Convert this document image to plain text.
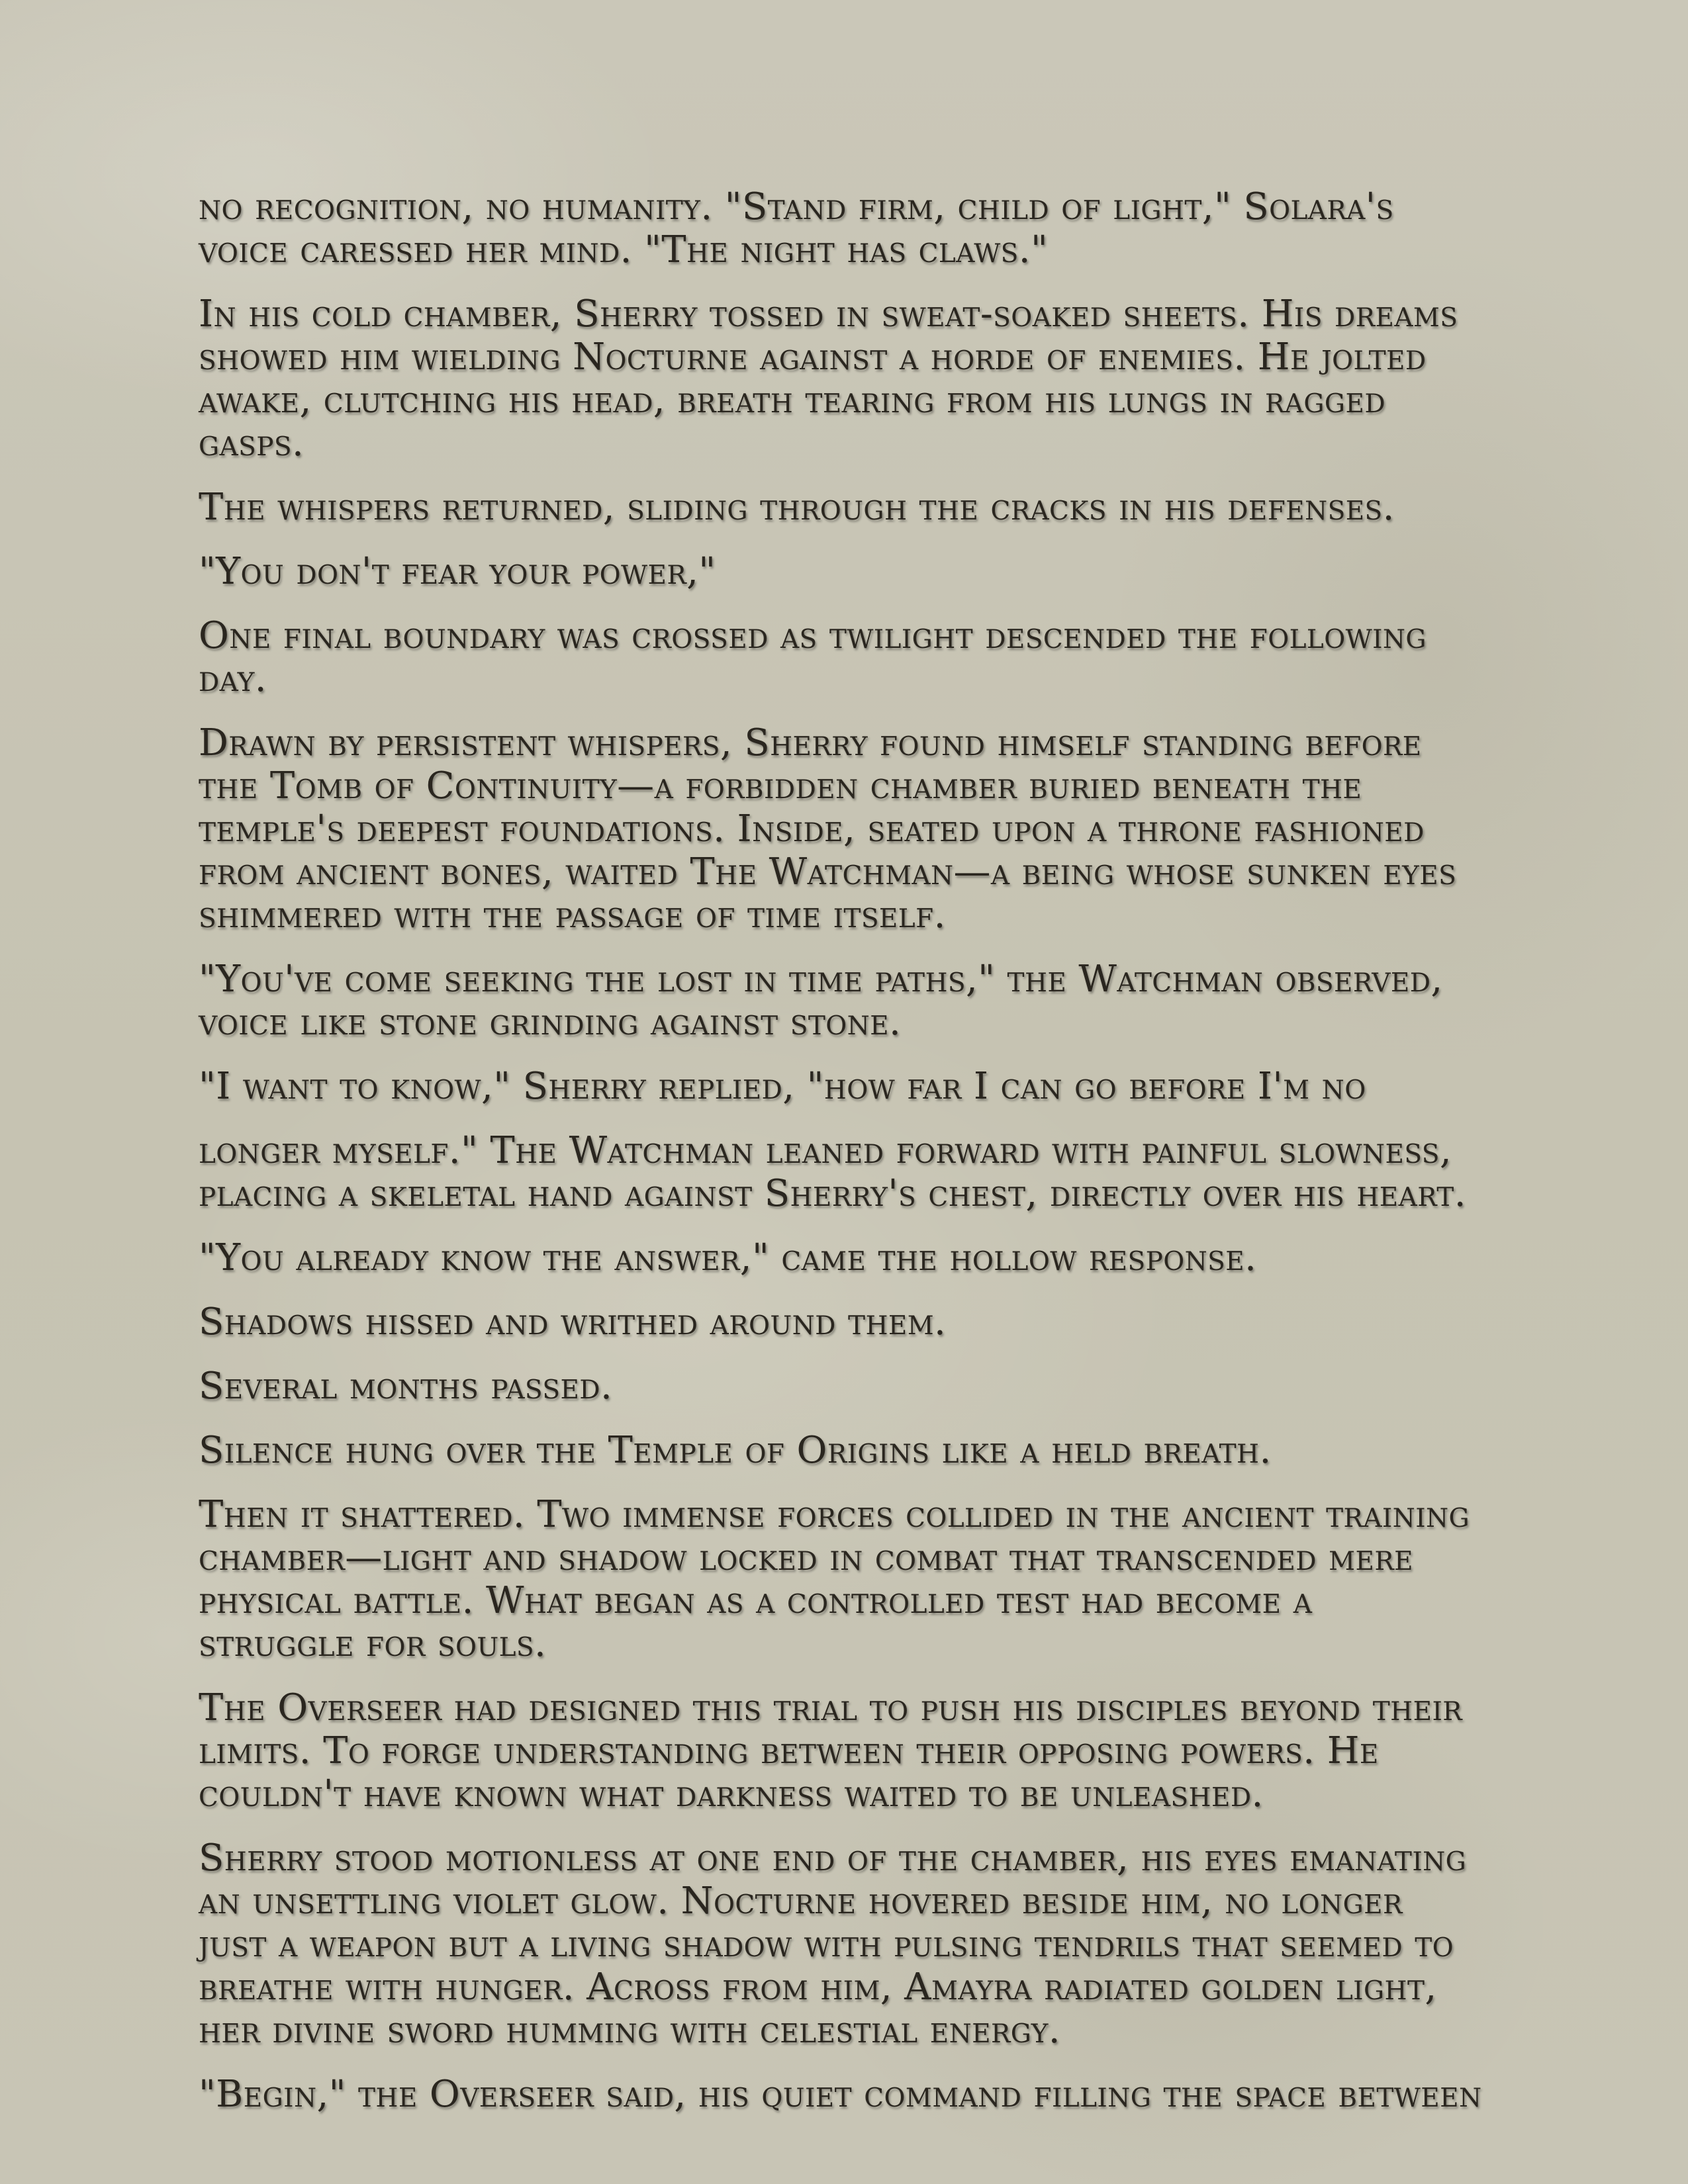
no recognition, no humanity. "Stand firm, child of light," Solara's
voice caressed her mind. "The night has claws."

In his cold chamber, Sherry tossed in sweat-soaked sheets. His dreams
showed him wielding Nocturne against a horde of enemies. He jolted
awake, clutching his head, breath tearing from his lungs in ragged
gasps.

The whispers returned, sliding through the cracks in his defenses.

"You don't fear your power,"

One final boundary was crossed as twilight descended the following
day.

Drawn by persistent whispers, Sherry found himself standing before
the Tomb of Continuity—a forbidden chamber buried beneath the
temple's deepest foundations. Inside, seated upon a throne fashioned
from ancient bones, waited The Watchman—a being whose sunken eyes
shimmered with the passage of time itself.

"You've come seeking the lost in time paths," the Watchman observed,
voice like stone grinding against stone.

"I want to know," Sherry replied, "how far I can go before I'm no

longer myself." The Watchman leaned forward with painful slowness,
placing a skeletal hand against Sherry's chest, directly over his heart.

"You already know the answer," came the hollow response.

Shadows hissed and writhed around them.

Several months passed.

Silence hung over the Temple of Origins like a held breath.

Then it shattered. Two immense forces collided in the ancient training
chamber—light and shadow locked in combat that transcended mere
physical battle. What began as a controlled test had become a
struggle for souls.

The Overseer had designed this trial to push his disciples beyond their
limits. To forge understanding between their opposing powers. He
couldn't have known what darkness waited to be unleashed.

Sherry stood motionless at one end of the chamber, his eyes emanating
an unsettling violet glow. Nocturne hovered beside him, no longer
just a weapon but a living shadow with pulsing tendrils that seemed to
breathe with hunger. Across from him, Amayra radiated golden light,
her divine sword humming with celestial energy.

"Begin," the Overseer said, his quiet command filling the space between
